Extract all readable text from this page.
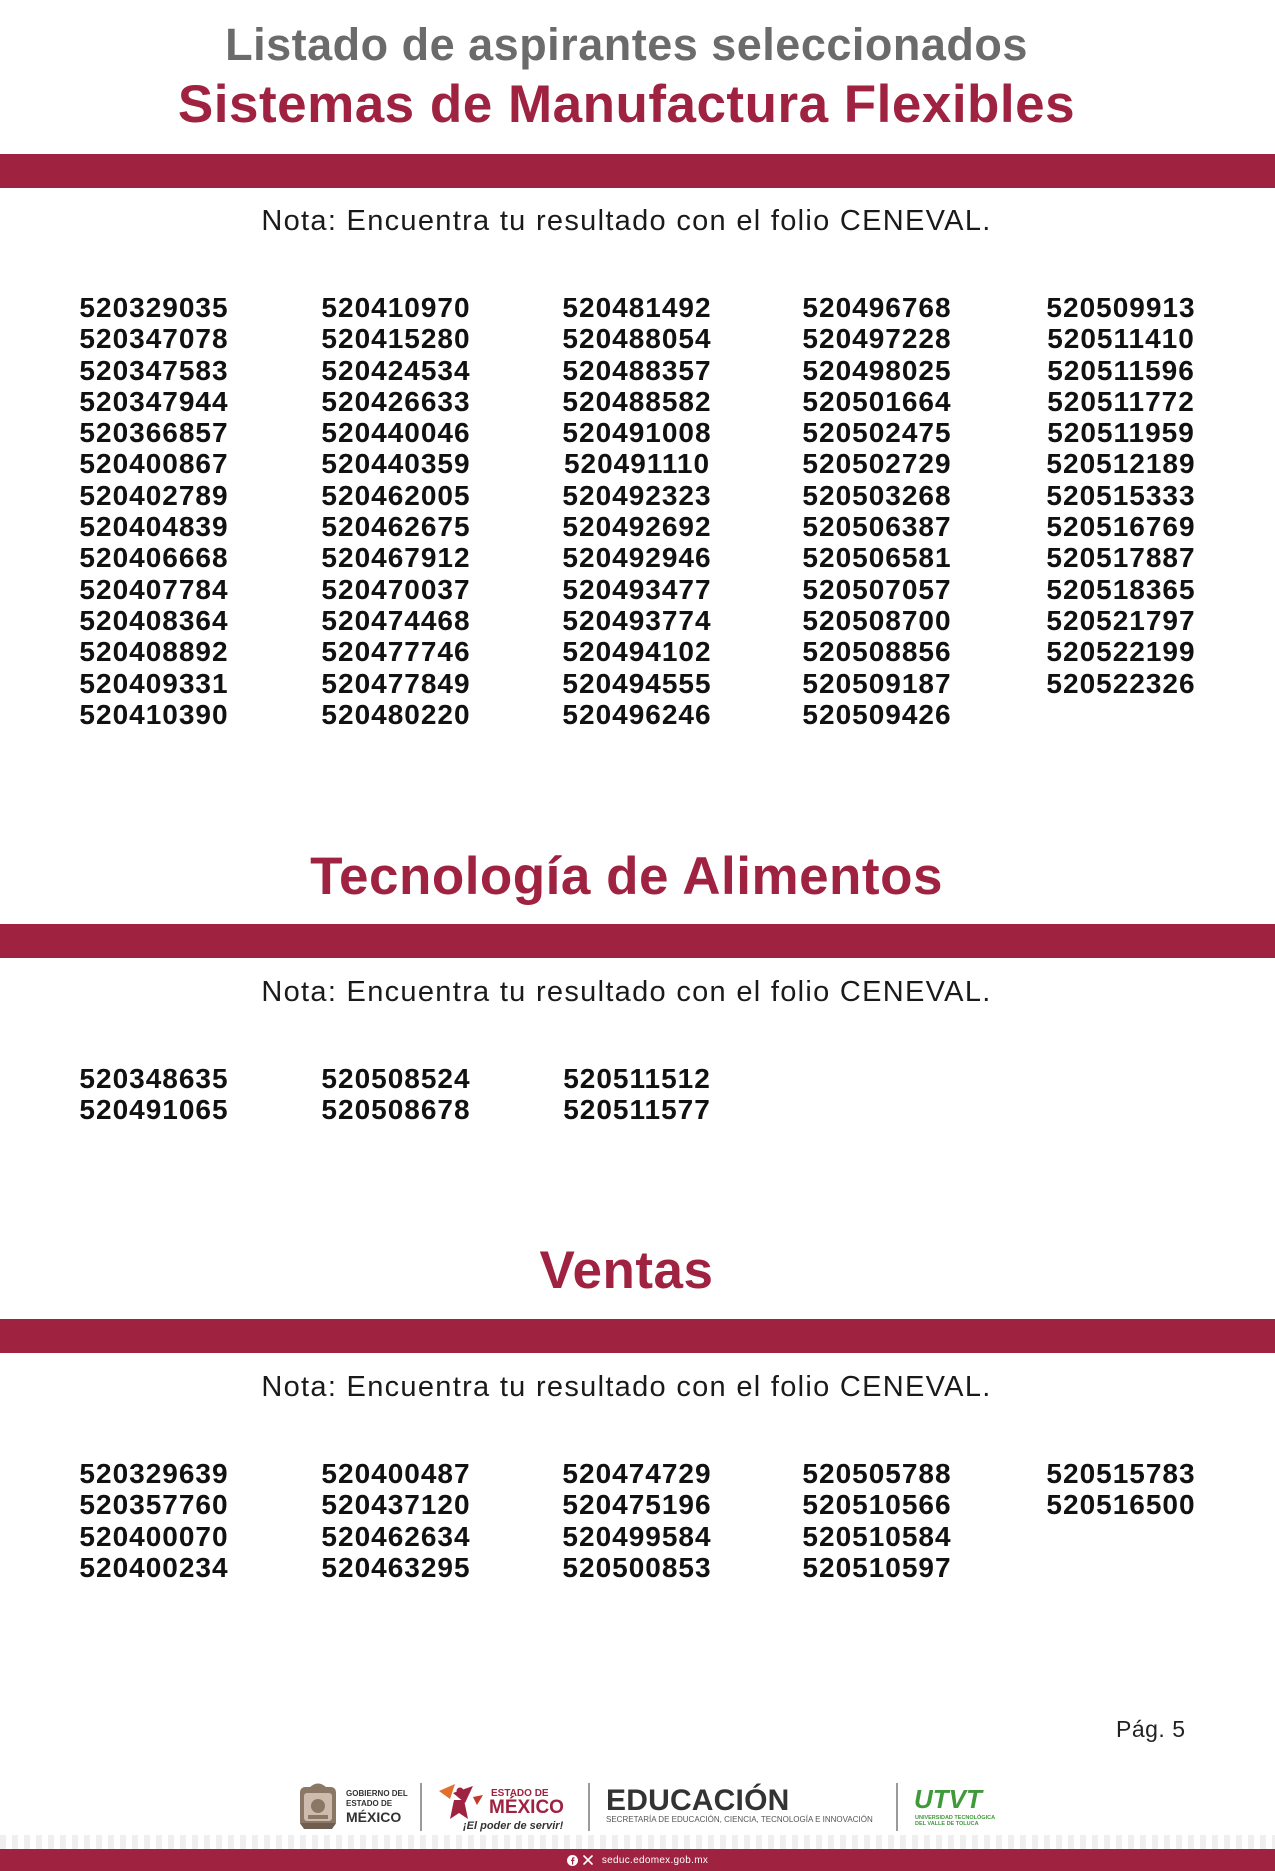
Listado de aspirantes seleccionados
Sistemas de Manufactura Flexibles
Nota: Encuentra tu resultado con el folio CENEVAL.
520329035
520347078
520347583
520347944
520366857
520400867
520402789
520404839
520406668
520407784
520408364
520408892
520409331
520410390
520410970
520415280
520424534
520426633
520440046
520440359
520462005
520462675
520467912
520470037
520474468
520477746
520477849
520480220
520481492
520488054
520488357
520488582
520491008
520491110
520492323
520492692
520492946
520493477
520493774
520494102
520494555
520496246
520496768
520497228
520498025
520501664
520502475
520502729
520503268
520506387
520506581
520507057
520508700
520508856
520509187
520509426
520509913
520511410
520511596
520511772
520511959
520512189
520515333
520516769
520517887
520518365
520521797
520522199
520522326
Tecnología de Alimentos
Nota: Encuentra tu resultado con el folio CENEVAL.
520348635
520491065
520508524
520508678
520511512
520511577
Ventas
Nota: Encuentra tu resultado con el folio CENEVAL.
520329639
520357760
520400070
520400234
520400487
520437120
520462634
520463295
520474729
520475196
520499584
520500853
520505788
520510566
520510584
520510597
520515783
520516500
Pág. 5
GOBIERNO DEL
ESTADO DE
MÉXICO
ESTADO DE
MÉXICO
¡El poder de servir!
EDUCACIÓN
SECRETARÍA DE EDUCACIÓN, CIENCIA, TECNOLOGÍA E INNOVACIÓN
UTVT
UNIVERSIDAD TECNOLÓGICA
DEL VALLE DE TOLUCA
seduc.edomex.gob.mx
